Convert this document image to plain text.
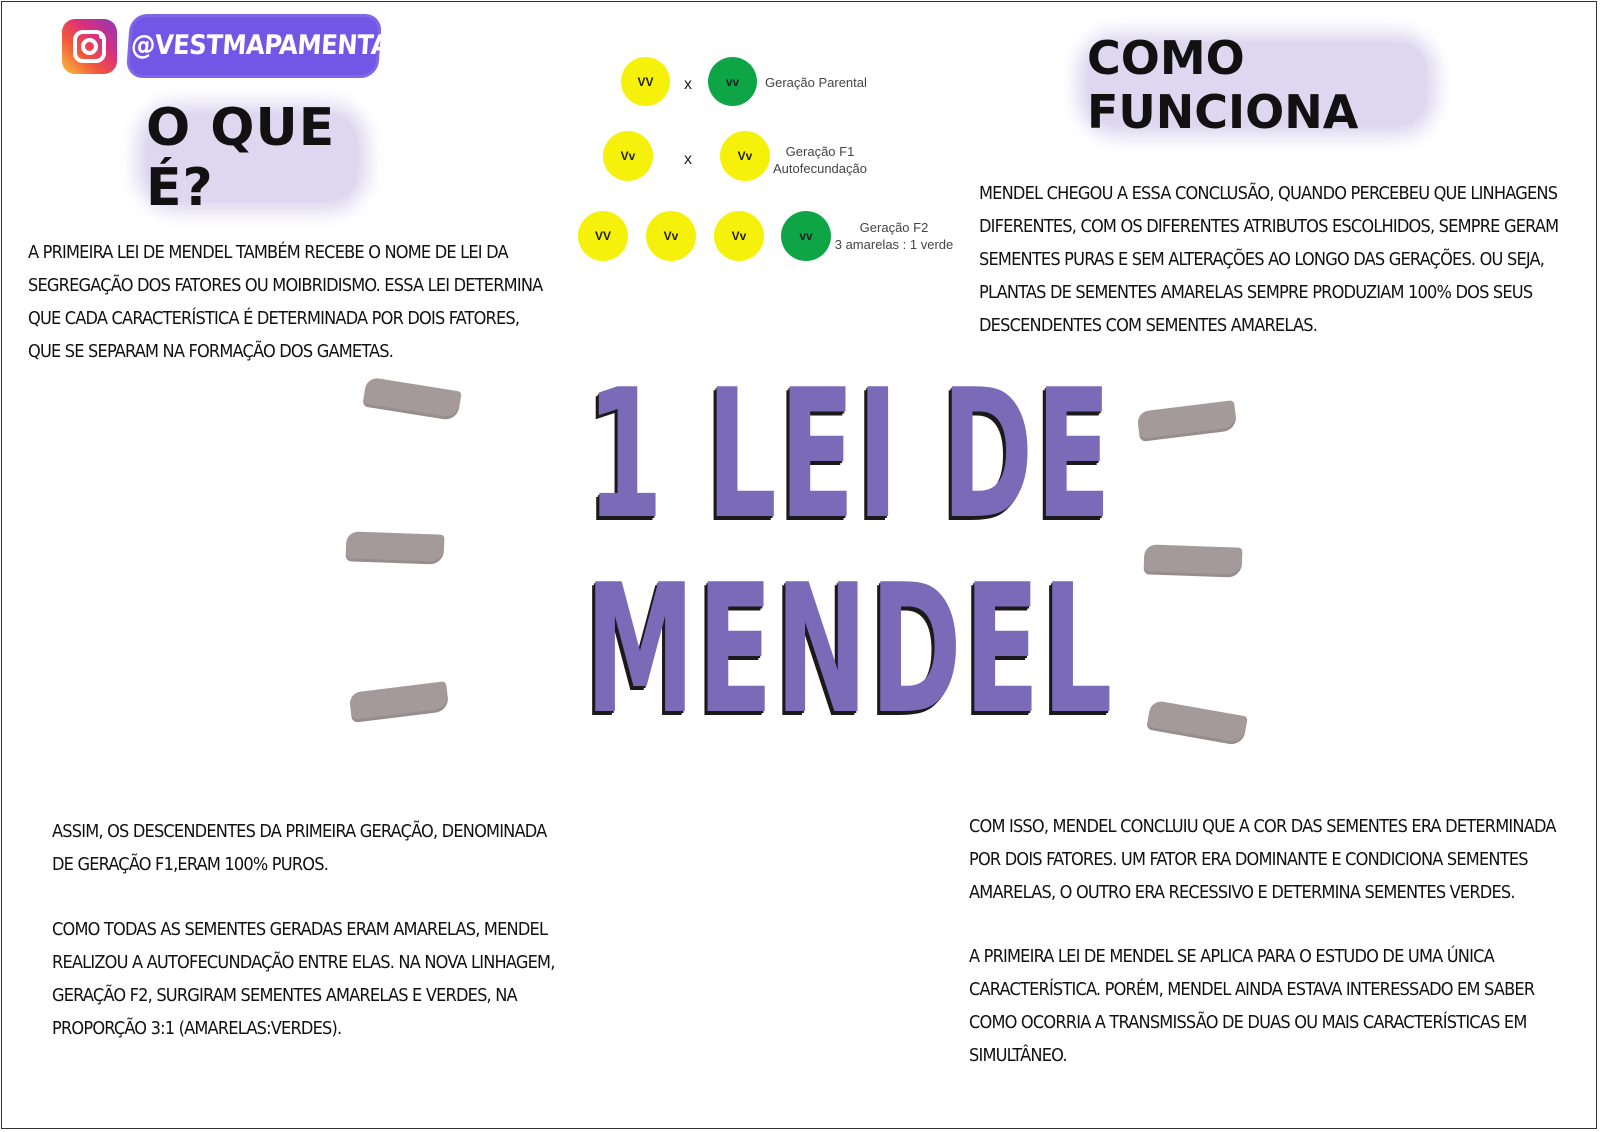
@VESTMAPAMENTAL
O QUE É?
COMO FUNCIONA

A PRIMEIRA LEI DE MENDEL TAMBÉM RECEBE O NOME DE LEI DA
SEGREGAÇÃO DOS FATORES OU MOIBRIDISMO. ESSA LEI DETERMINA
QUE CADA CARACTERÍSTICA É DETERMINADA POR DOIS FATORES,
QUE SE SEPARAM NA FORMAÇÃO DOS GAMETAS.

MENDEL CHEGOU A ESSA CONCLUSÃO, QUANDO PERCEBEU QUE LINHAGENS
DIFERENTES, COM OS DIFERENTES ATRIBUTOS ESCOLHIDOS, SEMPRE GERAM
SEMENTES PURAS E SEM ALTERAÇÕES AO LONGO DAS GERAÇÕES. OU SEJA,
PLANTAS DE SEMENTES AMARELAS SEMPRE PRODUZIAM 100% DOS SEUS
DESCENDENTES COM SEMENTES AMARELAS.

ASSIM, OS DESCENDENTES DA PRIMEIRA GERAÇÃO, DENOMINADA
DE GERAÇÃO F1,ERAM 100% PUROS.

COMO TODAS AS SEMENTES GERADAS ERAM AMARELAS, MENDEL
REALIZOU A AUTOFECUNDAÇÃO ENTRE ELAS. NA NOVA LINHAGEM,
GERAÇÃO F2, SURGIRAM SEMENTES AMARELAS E VERDES, NA
PROPORÇÃO 3:1 (AMARELAS:VERDES).

COM ISSO, MENDEL CONCLUIU QUE A COR DAS SEMENTES ERA DETERMINADA
POR DOIS FATORES. UM FATOR ERA DOMINANTE E CONDICIONA SEMENTES
AMARELAS, O OUTRO ERA RECESSIVO E DETERMINA SEMENTES VERDES.

A PRIMEIRA LEI DE MENDEL SE APLICA PARA O ESTUDO DE UMA ÚNICA
CARACTERÍSTICA. PORÉM, MENDEL AINDA ESTAVA INTERESSADO EM SABER
COMO OCORRIA A TRANSMISSÃO DE DUAS OU MAIS CARACTERÍSTICAS EM
SIMULTÂNEO.

1 LEI DE
MENDEL
VV x	vv Geração Parental
Vv	x	Vv	Geração F1
Autofecundação
VV	Vv	Vv	vv
Geração F2
3 amarelas : 1 verde
